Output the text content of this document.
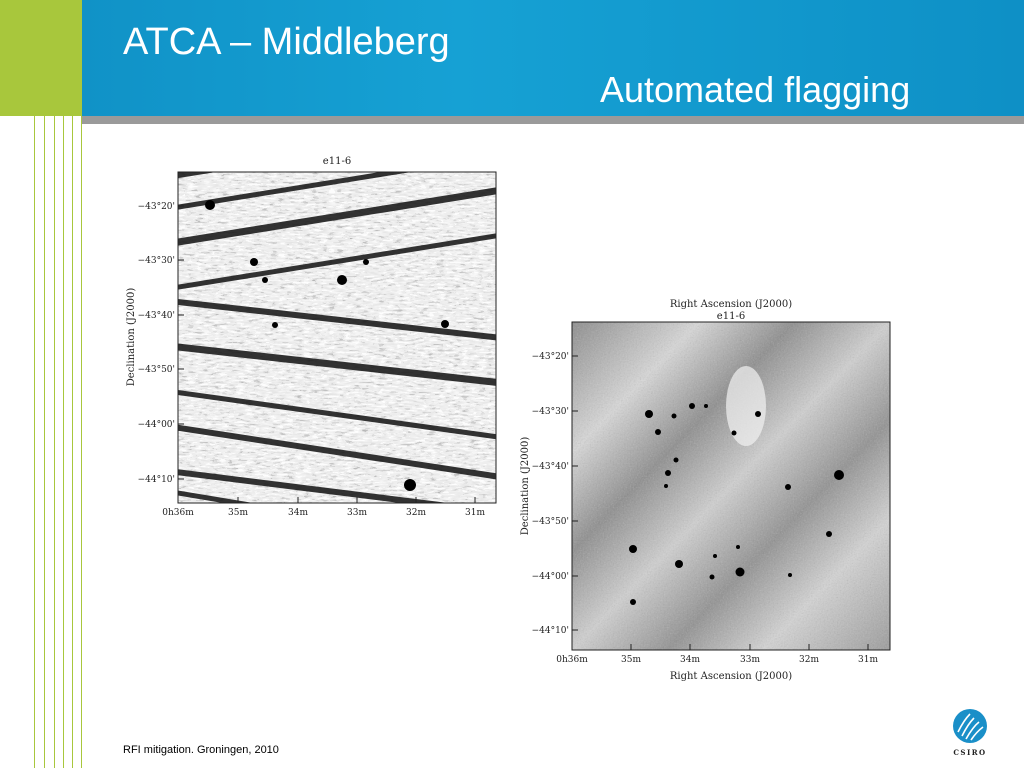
ATCA – Middleberg
Automated flagging
e11-6
−43°20'
−43°30'
−43°40'
−43°50'
−44°00'
−44°10'
0h36m	35m	34m	33m	32m	31m
Declination (J2000)	Right Ascension (J2000)
e11-6
−43°20'
−43°30'
−43°40'
−43°50'
−44°00'
−44°10'
0h36m	35m	34m	33m	32m	31m
Right Ascension (J2000)
Declination (J2000)
RFI mitigation. Groningen, 2010	CSIRO
